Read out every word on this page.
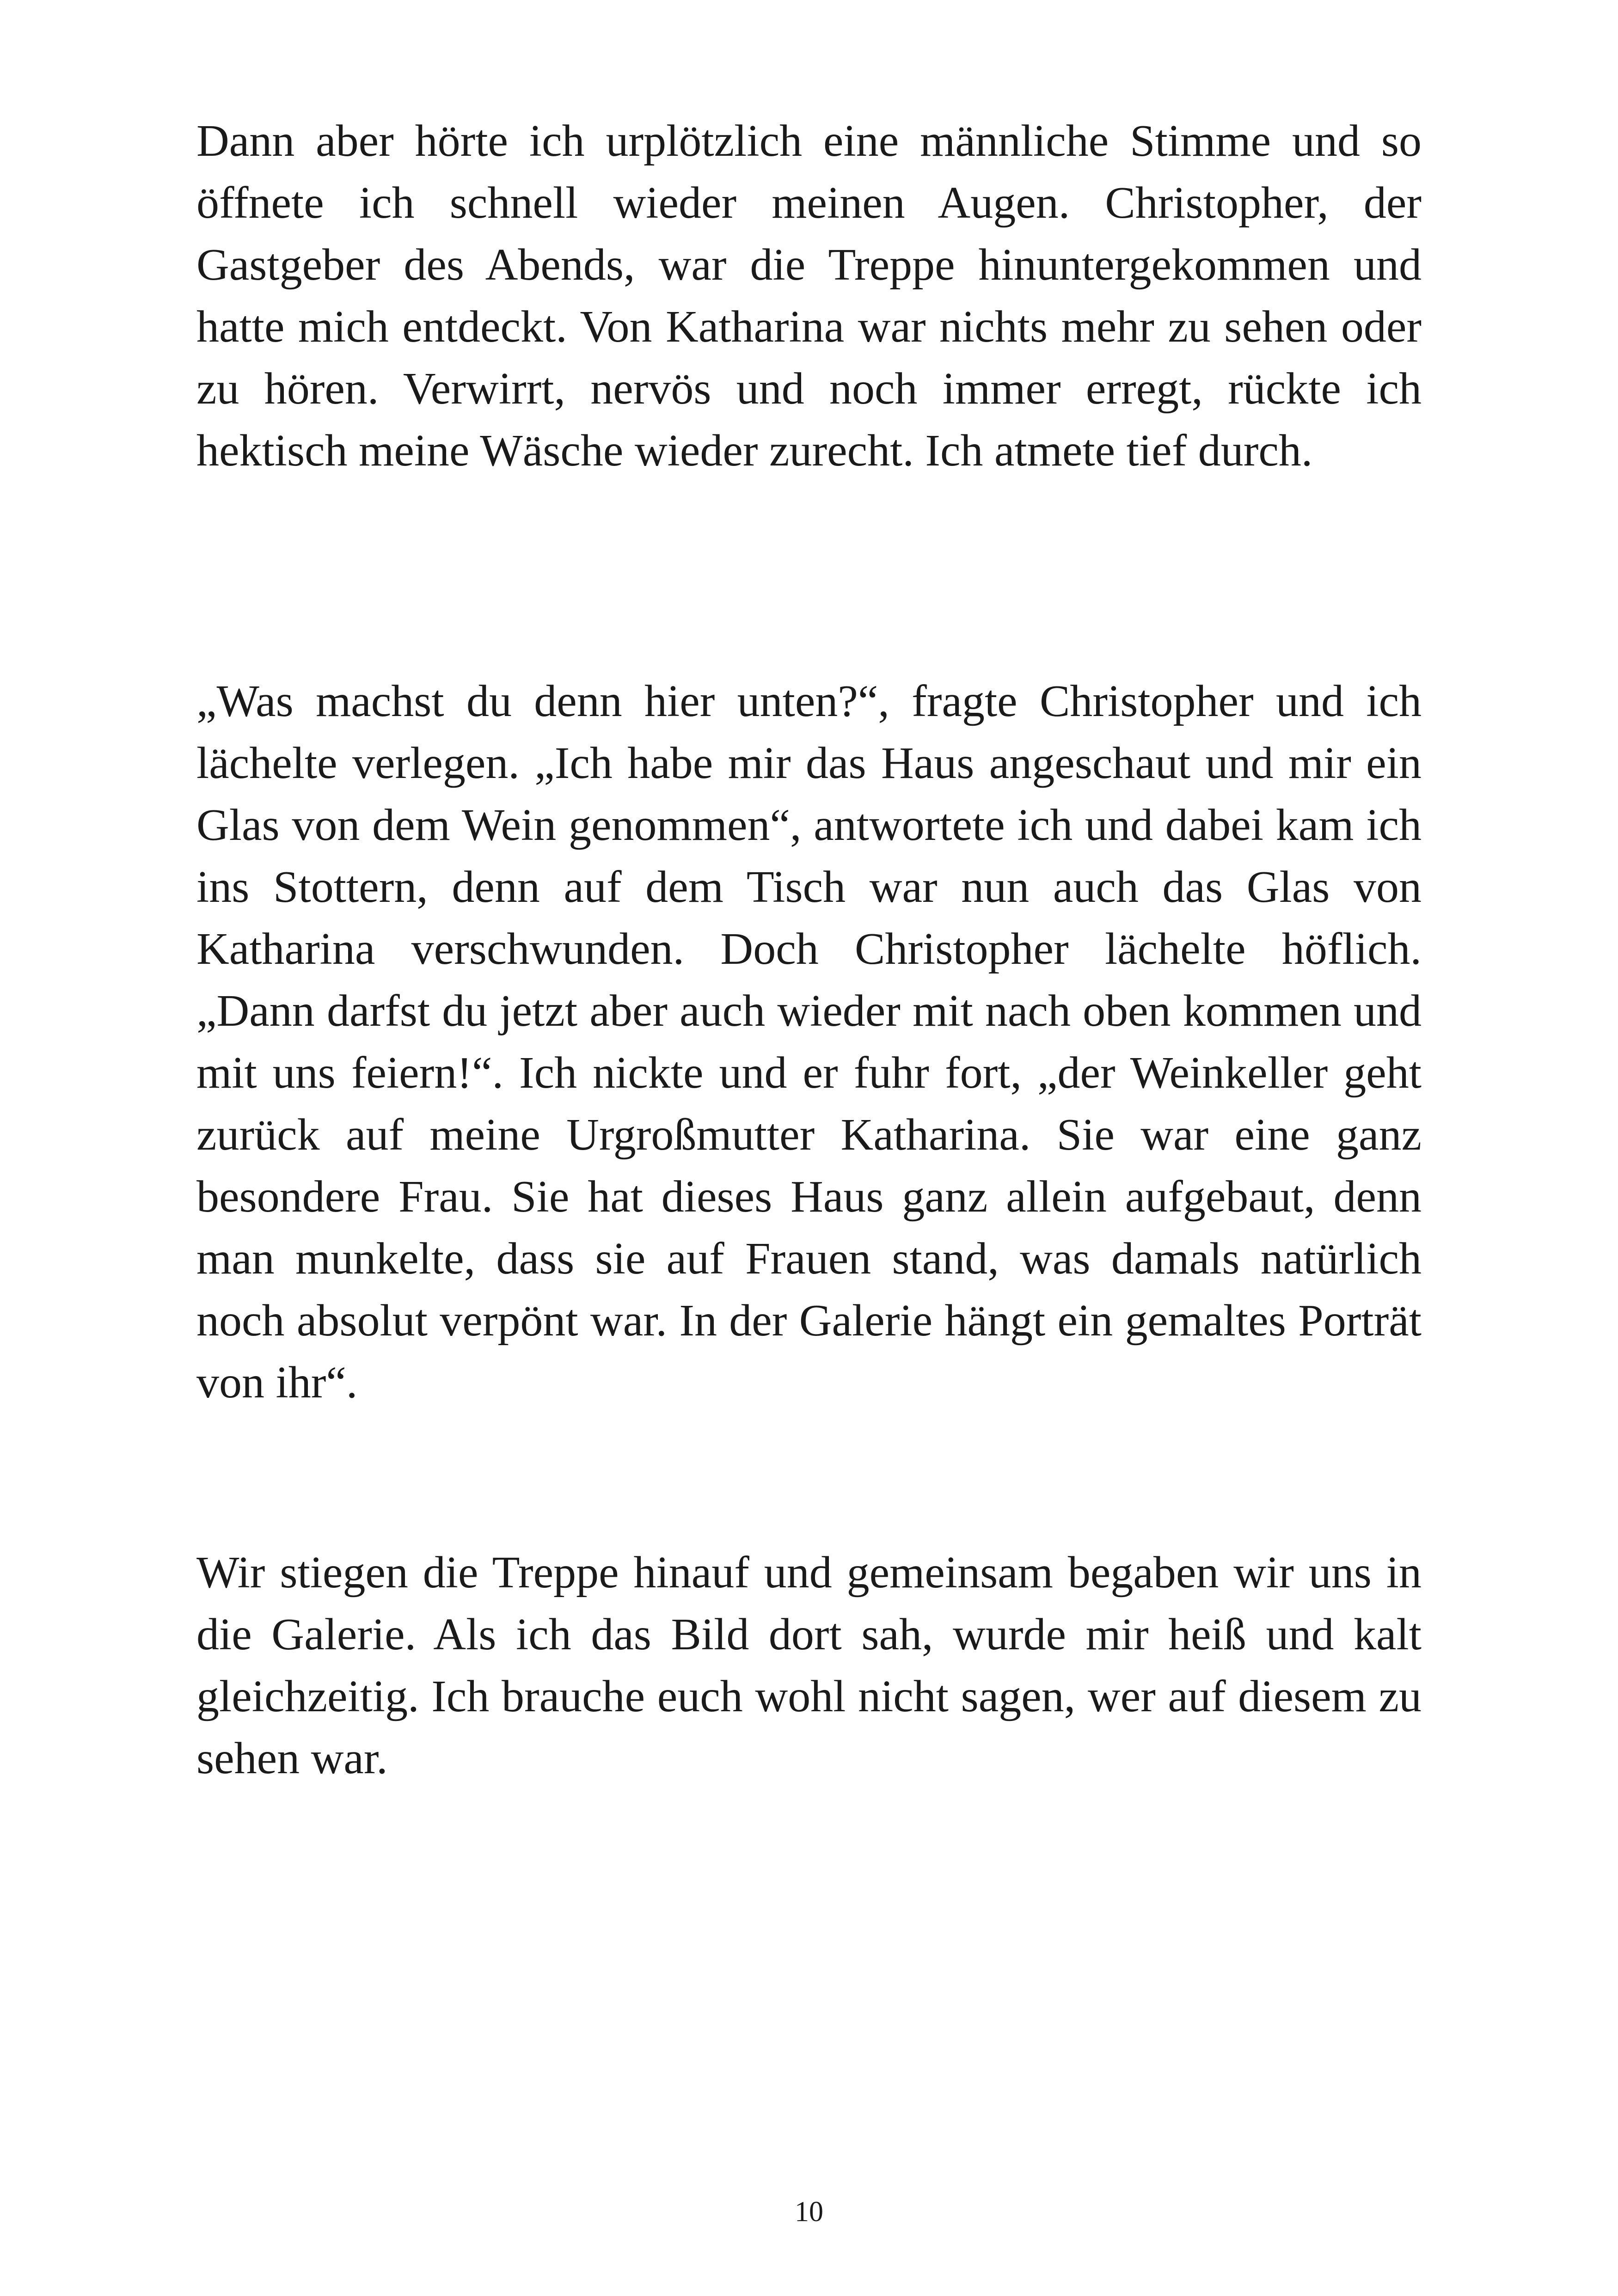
Dann aber hörte ich urplötzlich eine männliche Stimme und so öffnete ich schnell wieder meinen Augen. Christopher, der Gastgeber des Abends, war die Treppe hinuntergekommen und hatte mich entdeckt. Von Katharina war nichts mehr zu sehen oder zu hören. Verwirrt, nervös und noch immer erregt, rückte ich hektisch meine Wäsche wieder zurecht. Ich atmete tief durch.

„Was machst du denn hier unten?“, fragte Christopher und ich lächelte verlegen. „Ich habe mir das Haus angeschaut und mir ein Glas von dem Wein genommen“, antwortete ich und dabei kam ich ins Stottern, denn auf dem Tisch war nun auch das Glas von Katharina verschwunden. Doch Christopher lächelte höflich. „Dann darfst du jetzt aber auch wieder mit nach oben kommen und mit uns feiern!“. Ich nickte und er fuhr fort, „der Weinkeller geht zurück auf meine Urgroßmutter Katharina. Sie war eine ganz besondere Frau. Sie hat dieses Haus ganz allein aufgebaut, denn man munkelte, dass sie auf Frauen stand, was damals natürlich noch absolut verpönt war. In der Galerie hängt ein gemaltes Porträt von ihr“.

Wir stiegen die Treppe hinauf und gemeinsam begaben wir uns in die Galerie. Als ich das Bild dort sah, wurde mir heiß und kalt gleichzeitig. Ich brauche euch wohl nicht sagen, wer auf diesem zu sehen war.

10
